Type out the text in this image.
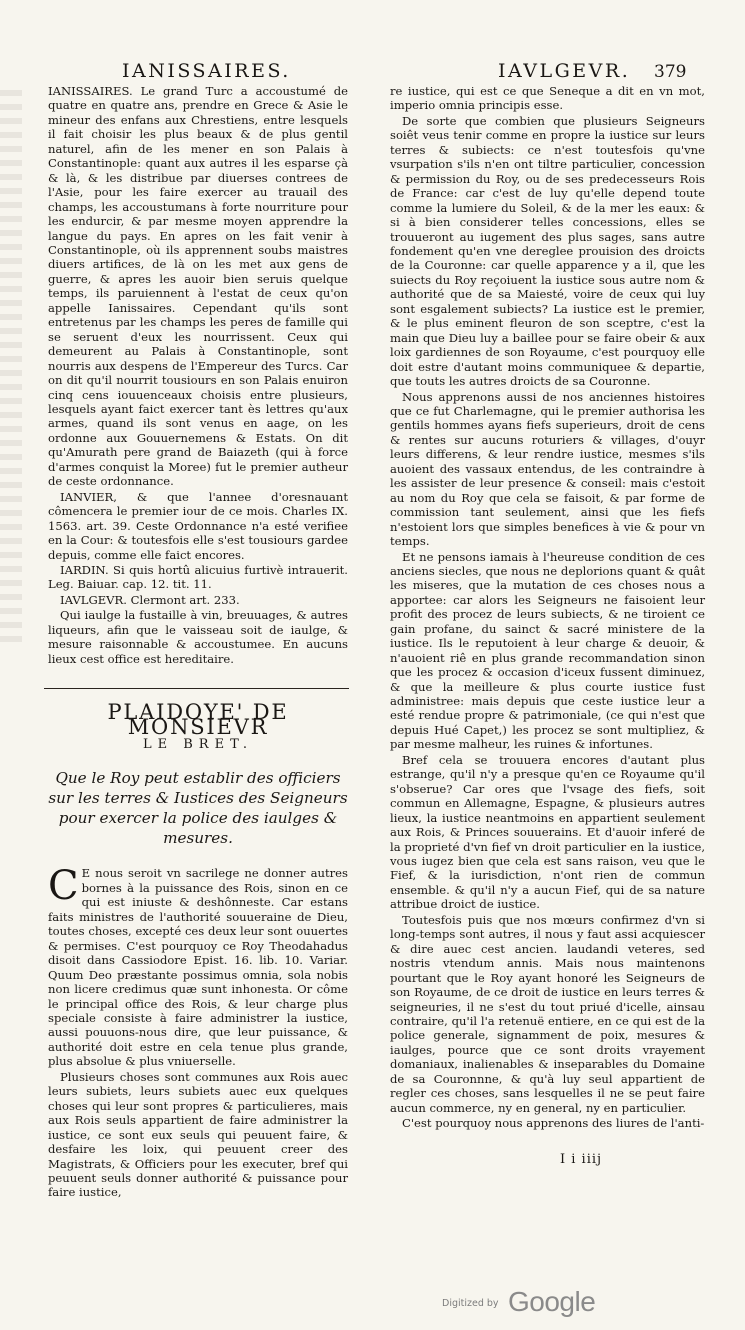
IANISSAIRES.	IAVLGEVR. 379

IANISSAIRES. Le grand Turc a accoustumé de quatre en quatre ans, prendre en Grece & Asie le mineur des enfans aux Chrestiens, entre lesquels il fait choisir les plus beaux & de plus gentil naturel, afin de les mener en son Palais à Constantinople: quant aux autres il les esparse çà & là, & les distribue par diuerses contrees de l'Asie, pour les faire exercer au trauail des champs, les accoustumans à forte nourriture pour les endurcir, & par mesme moyen apprendre la langue du pays. En apres on les fait venir à Constantinople, où ils apprennent soubs maistres diuers artifices, de là on les met aux gens de guerre, & apres les auoir bien seruis quelque temps, ils paruiennent à l'estat de ceux qu'on appelle Ianissaires. Cependant qu'ils sont entretenus par les champs les peres de famille qui se seruent d'eux les nourrissent. Ceux qui demeurent au Palais à Constantinople, sont nourris aux despens de l'Empereur des Turcs. Car on dit qu'il nourrit tousiours en son Palais enuiron cinq cens iouuenceaux choisis entre plusieurs, lesquels ayant faict exercer tant ès lettres qu'aux armes, quand ils sont venus en aage, on les ordonne aux Gouuernemens & Estats. On dit qu'Amurath pere grand de Baiazeth (qui à force d'armes conquist la Moree) fut le premier autheur de ceste ordonnance.

IANVIER, & que l'annee d'oresnauant cômencera le premier iour de ce mois. Charles IX. 1563. art. 39. Ceste Ordonnance n'a esté verifiee en la Cour: & toutesfois elle s'est tousiours gardee depuis, comme elle faict encores.

IARDIN. Si quis hortû alicuius furtivè intrauerit. Leg. Baiuar. cap. 12. tit. 11.

IAVLGEVR. Clermont art. 233.

Qui iaulge la fustaille à vin, breuuages, & autres liqueurs, afin que le vaisseau soit de iaulge, & mesure raisonnable & accoustumee. En aucuns lieux cest office est hereditaire.

PLAIDOYE' DE MONSIEVR
LE BRET.
Que le Roy peut establir des officiers sur les terres & Iustices des Seigneurs pour exercer la police des iaulges & mesures.

C E nous seroit vn sacrilege ne donner autres bornes à la puissance des Rois, sinon en ce qui est iniuste & deshônneste. Car estans faits ministres de l'authorité souueraine de Dieu, toutes choses, excepté ces deux leur sont ouuertes & permises. C'est pourquoy ce Roy Theodahadus disoit dans Cassiodore Epist. 16. lib. 10. Variar. Quum Deo præstante possimus omnia, sola nobis non licere credimus quæ sunt inhonesta. Or côme le principal office des Rois, & leur charge plus speciale consiste à faire administrer la iustice, aussi pouuons-nous dire, que leur puissance, & authorité doit estre en cela tenue plus grande, plus absolue & plus vniuerselle.

Plusieurs choses sont communes aux Rois auec leurs subiets, leurs subiets auec eux quelques choses qui leur sont propres & particulieres, mais aux Rois seuls appartient de faire administrer la iustice, ce sont eux seuls qui peuuent faire, & desfaire les loix, qui peuuent creer des Magistrats, & Officiers pour les executer, bref qui peuuent seuls donner authorité & puissance pour faire iustice,

re iustice, qui est ce que Seneque a dit en vn mot, imperio omnia principis esse.

De sorte que combien que plusieurs Seigneurs soiêt veus tenir comme en propre la iustice sur leurs terres & subiects: ce n'est toutesfois qu'vne vsurpation s'ils n'en ont tiltre particulier, concession & permission du Roy, ou de ses predecesseurs Rois de France: car c'est de luy qu'elle depend toute comme la lumiere du Soleil, & de la mer les eaux: & si à bien considerer telles concessions, elles se trouueront au iugement des plus sages, sans autre fondement qu'en vne dereglee prouision des droicts de la Couronne: car quelle apparence y a il, que les suiects du Roy reçoiuent la iustice sous autre nom & authorité que de sa Maiesté, voire de ceux qui luy sont esgalement subiects? La iustice est le premier, & le plus eminent fleuron de son sceptre, c'est la main que Dieu luy a baillee pour se faire obeir & aux loix gardiennes de son Royaume, c'est pourquoy elle doit estre d'autant moins communiquee & departie, que touts les autres droicts de sa Couronne.

Nous apprenons aussi de nos anciennes histoires que ce fut Charlemagne, qui le premier authorisa les gentils hommes ayans fiefs superieurs, droit de cens & rentes sur aucuns roturiers & villages, d'ouyr leurs differens, & leur rendre iustice, mesmes s'ils auoient des vassaux entendus, de les contraindre à les assister de leur presence & conseil: mais c'estoit au nom du Roy que cela se faisoit, & par forme de commission tant seulement, ainsi que les fiefs n'estoient lors que simples benefices à vie & pour vn temps.

Et ne pensons iamais à l'heureuse condition de ces anciens siecles, que nous ne deplorions quant & quât les miseres, que la mutation de ces choses nous a apportee: car alors les Seigneurs ne faisoient leur profit des procez de leurs subiects, & ne tiroient ce gain profane, du sainct & sacré ministere de la iustice. Ils le reputoient à leur charge & deuoir, & n'auoient riê en plus grande recommandation sinon que les procez & occasion d'iceux fussent diminuez, & que la meilleure & plus courte iustice fust administree: mais depuis que ceste iustice leur a esté rendue propre & patrimoniale, (ce qui n'est que depuis Hué Capet,) les procez se sont multipliez, & par mesme malheur, les ruines & infortunes.

Bref cela se trouuera encores d'autant plus estrange, qu'il n'y a presque qu'en ce Royaume qu'il s'obserue? Car ores que l'vsage des fiefs, soit commun en Allemagne, Espagne, & plusieurs autres lieux, la iustice neantmoins en appartient seulement aux Rois, & Princes souuerains. Et d'auoir inferé de la proprieté d'vn fief vn droit particulier en la iustice, vous iugez bien que cela est sans raison, veu que le Fief, & la iurisdiction, n'ont rien de commun ensemble. & qu'il n'y a aucun Fief, qui de sa nature attribue droict de iustice.

Toutesfois puis que nos mœurs confirmez d'vn si long-temps sont autres, il nous y faut assi acquiescer & dire auec cest ancien. laudandi veteres, sed nostris vtendum annis. Mais nous maintenons pourtant que le Roy ayant honoré les Seigneurs de son Royaume, de ce droit de iustice en leurs terres & seigneuries, il ne s'est du tout priué d'icelle, ainsau contraire, qu'il l'a retenuë entiere, en ce qui est de la police generale, signamment de poix, mesures & iaulges, pource que ce sont droits vrayement domaniaux, inalienables & inseparables du Domaine de sa Couronnne, & qu'à luy seul appartient de regler ces choses, sans lesquelles il ne se peut faire aucun commerce, ny en general, ny en particulier.

C'est pourquoy nous apprenons des liures de l'anti-

I i iiij
Digitized by Google
